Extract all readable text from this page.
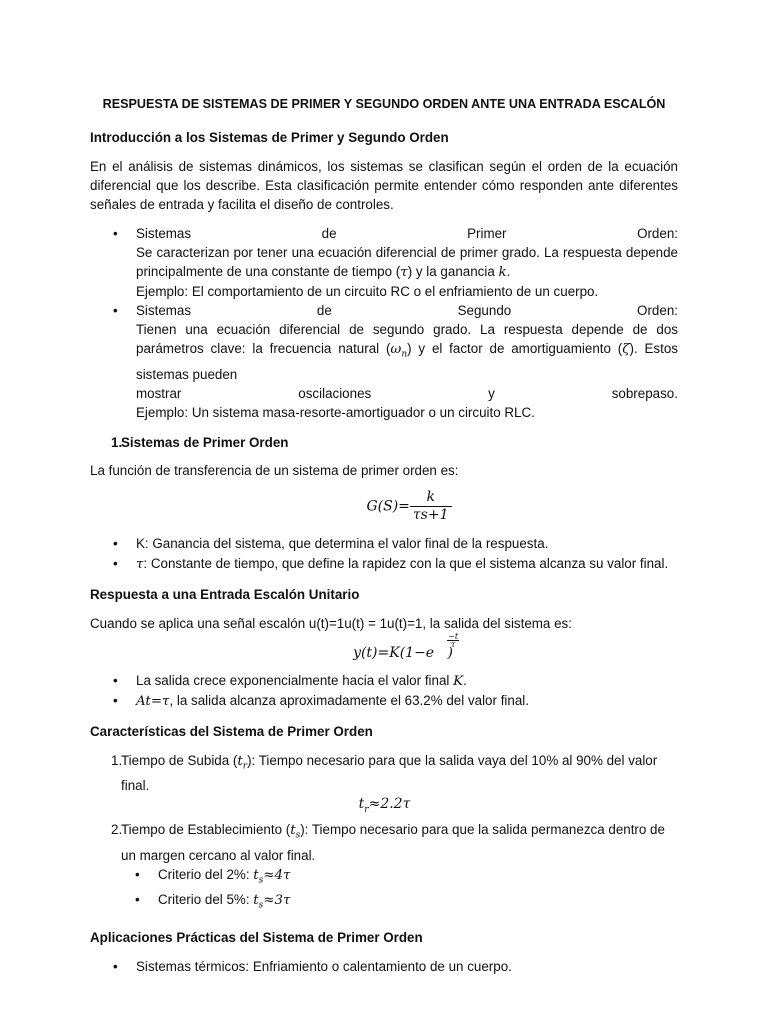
RESPUESTA DE SISTEMAS DE PRIMER Y SEGUNDO ORDEN ANTE UNA ENTRADA ESCALÓN

Introducción a los Sistemas de Primer y Segundo Orden

En el análisis de sistemas dinámicos, los sistemas se clasifican según el orden de la ecuación diferencial que los describe. Esta clasificación permite entender cómo responden ante diferentes señales de entrada y facilita el diseño de controles.

• Sistemas	de	Primer	Orden:

Se caracterizan por tener una ecuación diferencial de primer grado. La respuesta depende principalmente de una constante de tiempo (τ) y la ganancia k.

Ejemplo: El comportamiento de un circuito RC o el enfriamiento de un cuerpo.

• Sistemas	de	Segundo	Orden:

Tienen una ecuación diferencial de segundo grado. La respuesta depende de dos parámetros clave: la frecuencia natural $(\omega_n)$ y el factor de amortiguamiento (ζ). Estos sistemas pueden

mostrar	oscilaciones	y	sobrepaso.

Ejemplo: Un sistema masa-resorte-amortiguador o un circuito RLC.

1.
Sistemas de Primer Orden

La función de transferencia de un sistema de primer orden es:

$G(S)= \frac{k}{\tau s+1}$
• K: Ganancia del sistema, que determina el valor final de la respuesta.
• τ: Constante de tiempo, que define la rapidez con la que el sistema alcanza su valor final.

Respuesta a una Entrada Escalón Unitario

Cuando se aplica una señal escalón u(t)=1u(t) = 1u(t)=1, la salida del sistema es:

y(t)=K(1−e
−t
τ
)
• La salida crece exponencialmente hacia el valor final K.
• At=τ, la salida alcanza aproximadamente el 63.2% del valor final.

Características del Sistema de Primer Orden

1.
Tiempo de Subida $(t_r)$: Tiempo necesario para que la salida vaya del 10% al 90% del valor final.
$t_r\approx 2.2\tau$
2.
Tiempo de Establecimiento $(t_s)$: Tiempo necesario para que la salida permanezca dentro de un margen cercano al valor final.
• Criterio del 2%: $t_s\approx 4\tau$
• Criterio del 5%: $t_s\approx 3\tau$

Aplicaciones Prácticas del Sistema de Primer Orden

• Sistemas térmicos: Enfriamiento o calentamiento de un cuerpo.
